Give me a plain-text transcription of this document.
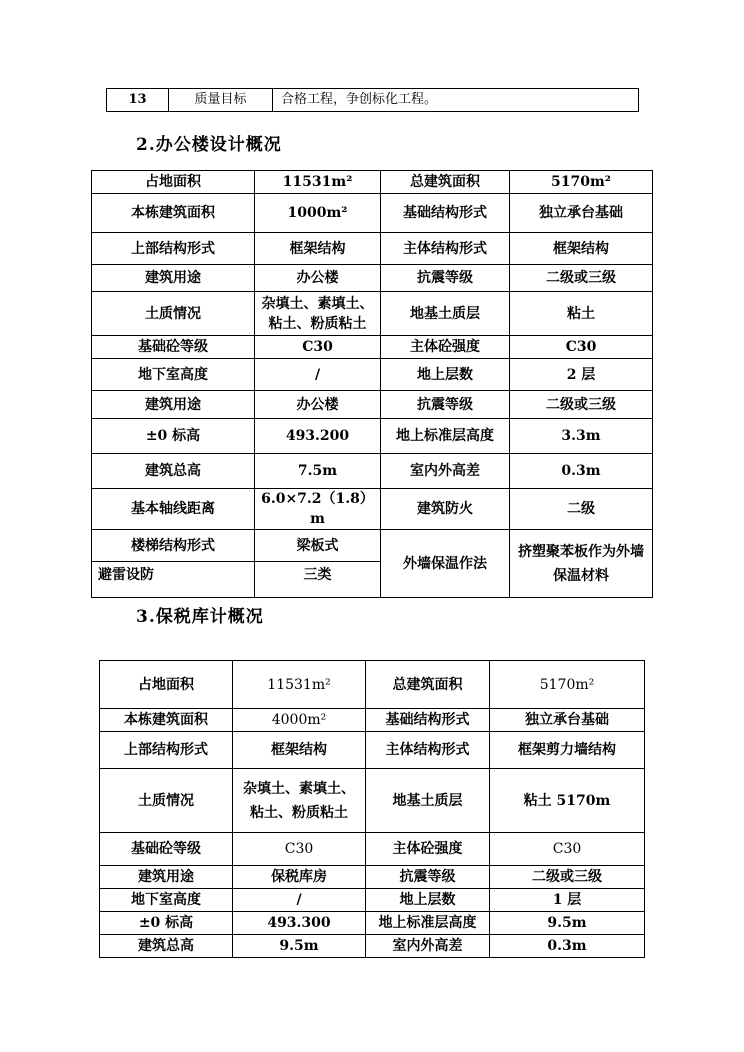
13	质量目标	合格工程，争创标化工程。
2.办公楼设计概况
占地面积	11531m²	总建筑面积	5170m²
本栋建筑面积	1000m²	基础结构形式	独立承台基础
上部结构形式	框架结构	主体结构形式	框架结构
建筑用途	办公楼	抗震等级	二级或三级
土质情况	杂填土、素填土、粘土、粉质粘土	地基土质层	粘土
基础砼等级	C30	主体砼强度	C30
地下室高度	/	地上层数	2 层
建筑用途	办公楼	抗震等级	二级或三级
±0 标高	493.200	地上标准层高度	3.3m
建筑总高	7.5m	室内外高差	0.3m
基本轴线距离	6.0×7.2（1.8）m	建筑防火	二级
楼梯结构形式	梁板式	外墙保温作法	挤塑聚苯板作为外墙保温材料
避雷设防	三类		
3.保税库计概况
占地面积	11531m²	总建筑面积	5170m²
本栋建筑面积	4000m²	基础结构形式	独立承台基础
上部结构形式	框架结构	主体结构形式	框架剪力墙结构
土质情况	杂填土、素填土、粘土、粉质粘土	地基土质层	粘土 5170m
基础砼等级	C30	主体砼强度	C30
建筑用途	保税库房	抗震等级	二级或三级
地下室高度	/	地上层数	1 层
±0 标高	493.300	地上标准层高度	9.5m
建筑总高	9.5m	室内外高差	0.3m
